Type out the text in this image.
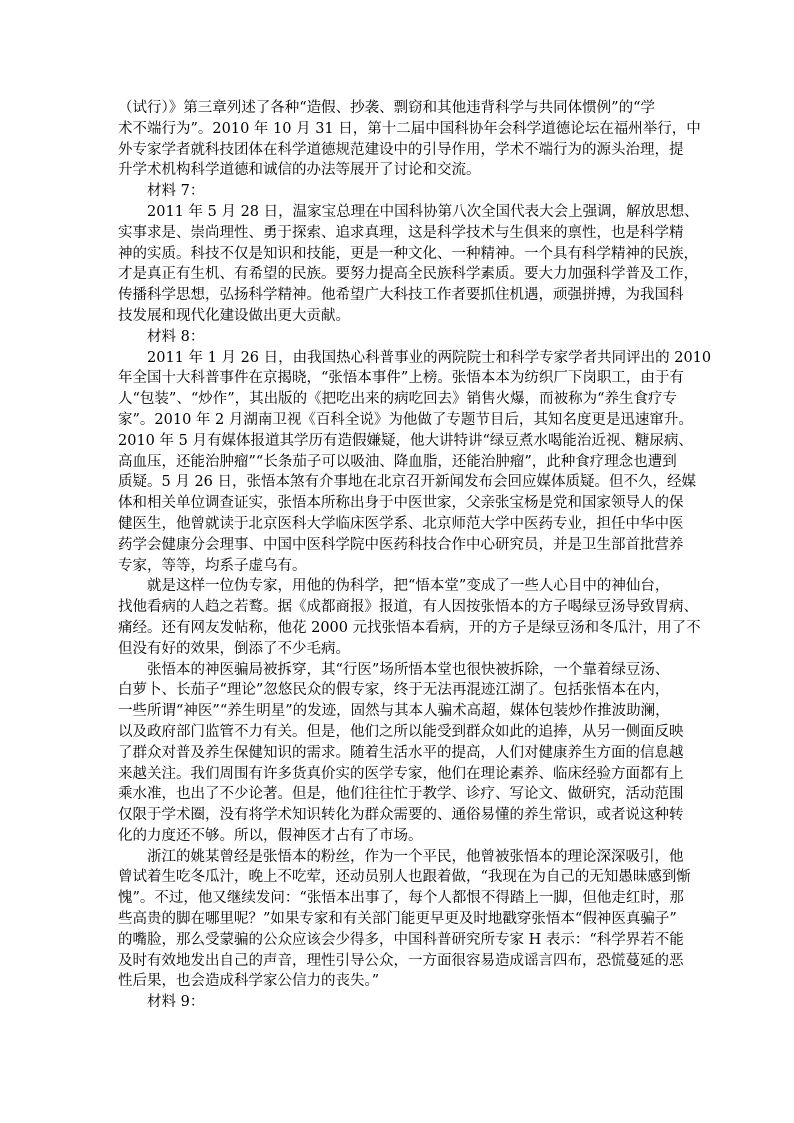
（试行）》第三章列述了各种“造假、抄袭、剽窃和其他违背科学与共同体惯例”的“学
术不端行为”。2010 年 10 月 31 日，第十二届中国科协年会科学道德论坛在福州举行，中
外专家学者就科技团体在科学道德规范建设中的引导作用，学术不端行为的源头治理，提
升学术机构科学道德和诚信的办法等展开了讨论和交流。
材料 7：
2011 年 5 月 28 日，温家宝总理在中国科协第八次全国代表大会上强调，解放思想、
实事求是、崇尚理性、勇于探索、追求真理，这是科学技术与生俱来的禀性，也是科学精
神的实质。科技不仅是知识和技能，更是一种文化、一种精神。一个具有科学精神的民族，
才是真正有生机、有希望的民族。要努力提高全民族科学素质。要大力加强科学普及工作，
传播科学思想，弘扬科学精神。他希望广大科技工作者要抓住机遇，顽强拼搏，为我国科
技发展和现代化建设做出更大贡献。
材料 8：
2011 年 1 月 26 日，由我国热心科普事业的两院院士和科学专家学者共同评出的 2010
年全国十大科普事件在京揭晓，“张悟本事件”上榜。张悟本本为纺织厂下岗职工，由于有
人“包装”、“炒作”，其出版的《把吃出来的病吃回去》销售火爆，而被称为“养生食疗专
家”。2010 年 2 月湖南卫视《百科全说》为他做了专题节目后，其知名度更是迅速窜升。
2010 年 5 月有媒体报道其学历有造假嫌疑，他大讲特讲“绿豆煮水喝能治近视、糖尿病、
高血压，还能治肿瘤”“长条茄子可以吸油、降血脂，还能治肿瘤”，此种食疗理念也遭到
质疑。5 月 26 日，张悟本煞有介事地在北京召开新闻发布会回应媒体质疑。但不久，经媒
体和相关单位调查证实，张悟本所称出身于中医世家，父亲张宝杨是党和国家领导人的保
健医生，他曾就读于北京医科大学临床医学系、北京师范大学中医药专业，担任中华中医
药学会健康分会理事、中国中医科学院中医药科技合作中心研究员，并是卫生部首批营养
专家，等等，均系子虚乌有。
就是这样一位伪专家，用他的伪科学，把“悟本堂”变成了一些人心目中的神仙台，
找他看病的人趋之若鹜。据《成都商报》报道，有人因按张悟本的方子喝绿豆汤导致胃病、
痛经。还有网友发帖称，他花 2000 元找张悟本看病，开的方子是绿豆汤和冬瓜汁，用了不
但没有好的效果，倒添了不少毛病。
张悟本的神医骗局被拆穿，其“行医”场所悟本堂也很快被拆除，一个靠着绿豆汤、
白萝卜、长茄子“理论”忽悠民众的假专家，终于无法再混迹江湖了。包括张悟本在内，
一些所谓“神医”“养生明星”的发迹，固然与其本人骗术高超，媒体包装炒作推波助澜，
以及政府部门监管不力有关。但是，他们之所以能受到群众如此的追捧，从另一侧面反映
了群众对普及养生保健知识的需求。随着生活水平的提高，人们对健康养生方面的信息越
来越关注。我们周围有许多货真价实的医学专家，他们在理论素养、临床经验方面都有上
乘水准，也出了不少论著。但是，他们往往忙于教学、诊疗、写论文、做研究，活动范围
仅限于学术圈，没有将学术知识转化为群众需要的、通俗易懂的养生常识，或者说这种转
化的力度还不够。所以，假神医才占有了市场。
浙江的姚某曾经是张悟本的粉丝，作为一个平民，他曾被张悟本的理论深深吸引，他
曾试着生吃冬瓜汁，晚上不吃荤，还动员别人也跟着做，“我现在为自己的无知愚昧感到惭
愧”。不过，他又继续发问：“张悟本出事了，每个人都恨不得踏上一脚，但他走红时，那
些高贵的脚在哪里呢？”如果专家和有关部门能更早更及时地戳穿张悟本“假神医真骗子”
的嘴脸，那么受蒙骗的公众应该会少得多，中国科普研究所专家 H 表示：“科学界若不能
及时有效地发出自己的声音，理性引导公众，一方面很容易造成谣言四布，恐慌蔓延的恶
性后果，也会造成科学家公信力的丧失。”
材料 9：
